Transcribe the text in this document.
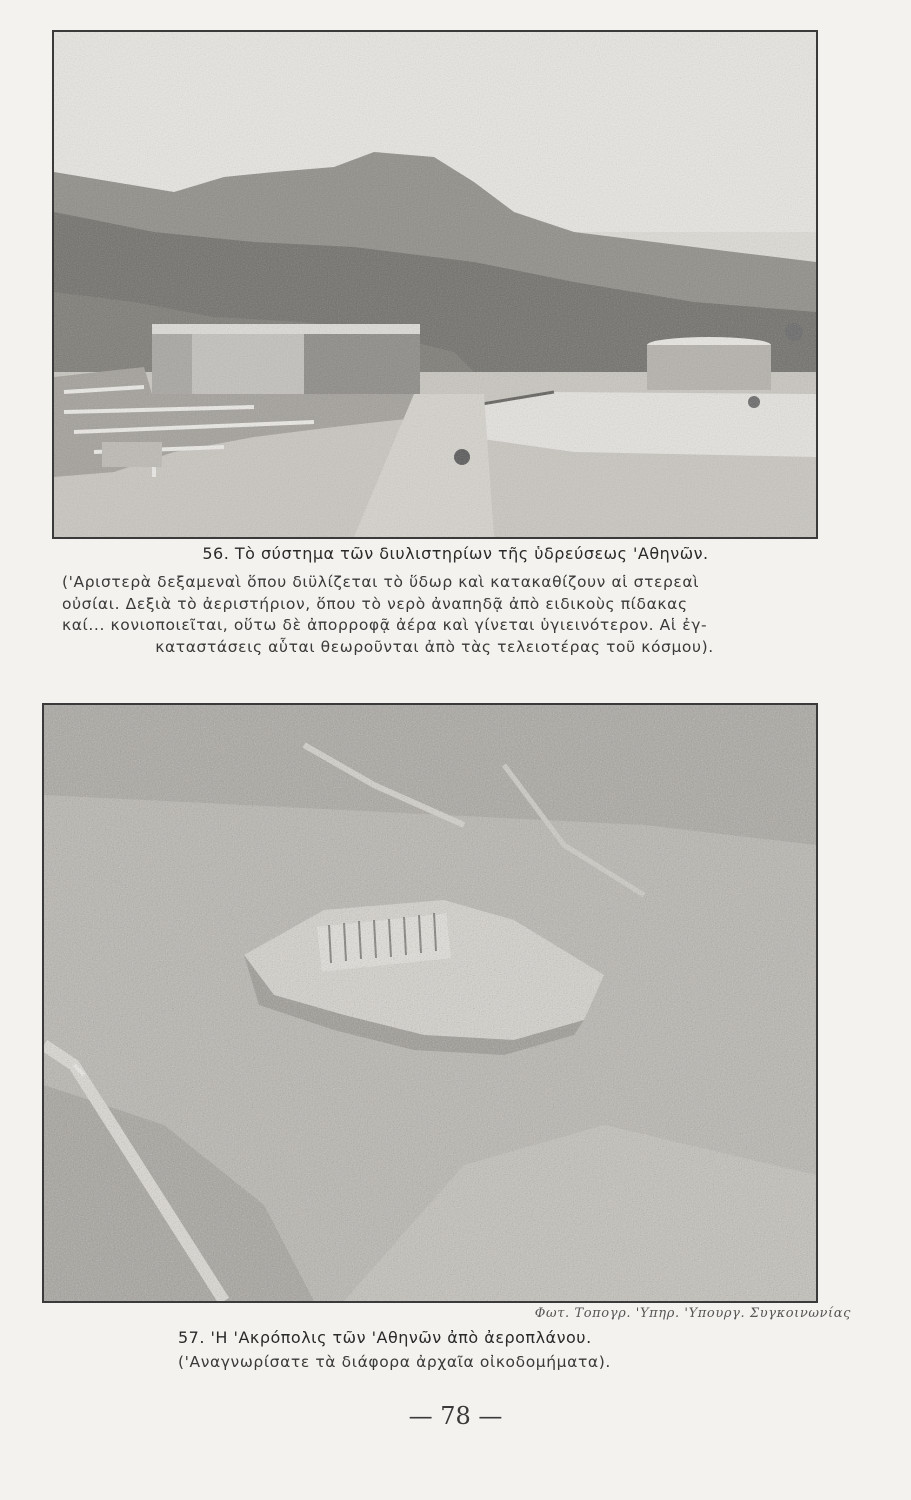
56. Τὸ σύστημα τῶν διυλιστηρίων τῆς ὑδρεύσεως 'Αθηνῶν.
('Αριστερὰ δεξαμεναὶ ὅπου διϋλίζεται τὸ ὕδωρ καὶ κατακαθίζουν αἱ στερεαὶ
οὐσίαι. Δεξιὰ τὸ ἀεριστήριον, ὅπου τὸ νερὸ ἀναπηδᾷ ἀπὸ ειδικοὺς πίδακας
καί... κονιοποιεῖται, οὕτω δὲ ἀπορροφᾷ ἀέρα καὶ γίνεται ὑγιεινότερον. Αἱ ἐγ-
καταστάσεις αὗται θεωροῦνται ἀπὸ τὰς τελειοτέρας τοῦ κόσμου).
Φωτ. Τοπογρ. 'Υπηρ. 'Υπουργ. Συγκοινωνίας
57. 'Η 'Ακρόπολις τῶν 'Αθηνῶν ἀπὸ ἀεροπλάνου.
('Αναγνωρίσατε τὰ διάφορα ἀρχαῖα οἰκοδομήματα).
— 78 —
